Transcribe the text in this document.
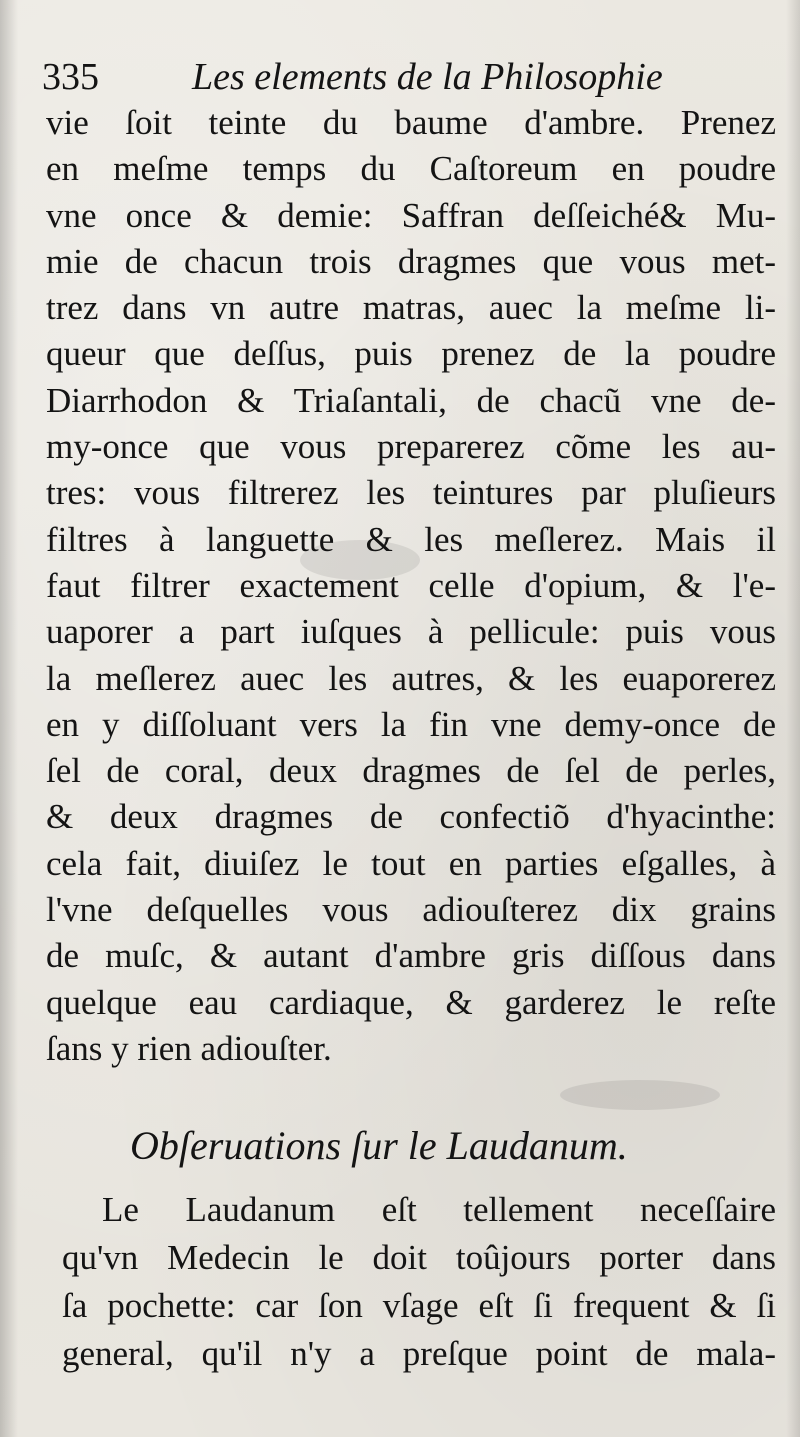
335 Les elements de la Philosophie
vie ſoit teinte du baume d'ambre. Prenez
en meſme temps du Caſtoreum en poudre
vne once & demie: Saffran deſſeiché& Mu-
mie de chacun trois dragmes que vous met-
trez dans vn autre matras, auec la meſme li-
queur que deſſus, puis prenez de la poudre
Diarrhodon & Triaſantali, de chacũ vne de-
my-once que vous preparerez cõme les au-
tres: vous filtrerez les teintures par pluſieurs
filtres à languette & les meſlerez. Mais il
faut filtrer exactement celle d'opium, & l'e-
uaporer a part iuſques à pellicule: puis vous
la meſlerez auec les autres, & les euaporerez
en y diſſoluant vers la fin vne demy-once de
ſel de coral, deux dragmes de ſel de perles,
& deux dragmes de confectiõ d'hyacinthe:
cela fait, diuiſez le tout en parties eſgalles, à
l'vne deſquelles vous adiouſterez dix grains
de muſc, & autant d'ambre gris diſſous dans
quelque eau cardiaque, & garderez le reſte
ſans y rien adiouſter.
Obſeruations ſur le Laudanum.
Le Laudanum eſt tellement neceſſaire
qu'vn Medecin le doit toûjours porter dans
ſa pochette: car ſon vſage eſt ſi frequent & ſi
general, qu'il n'y a preſque point de mala-
